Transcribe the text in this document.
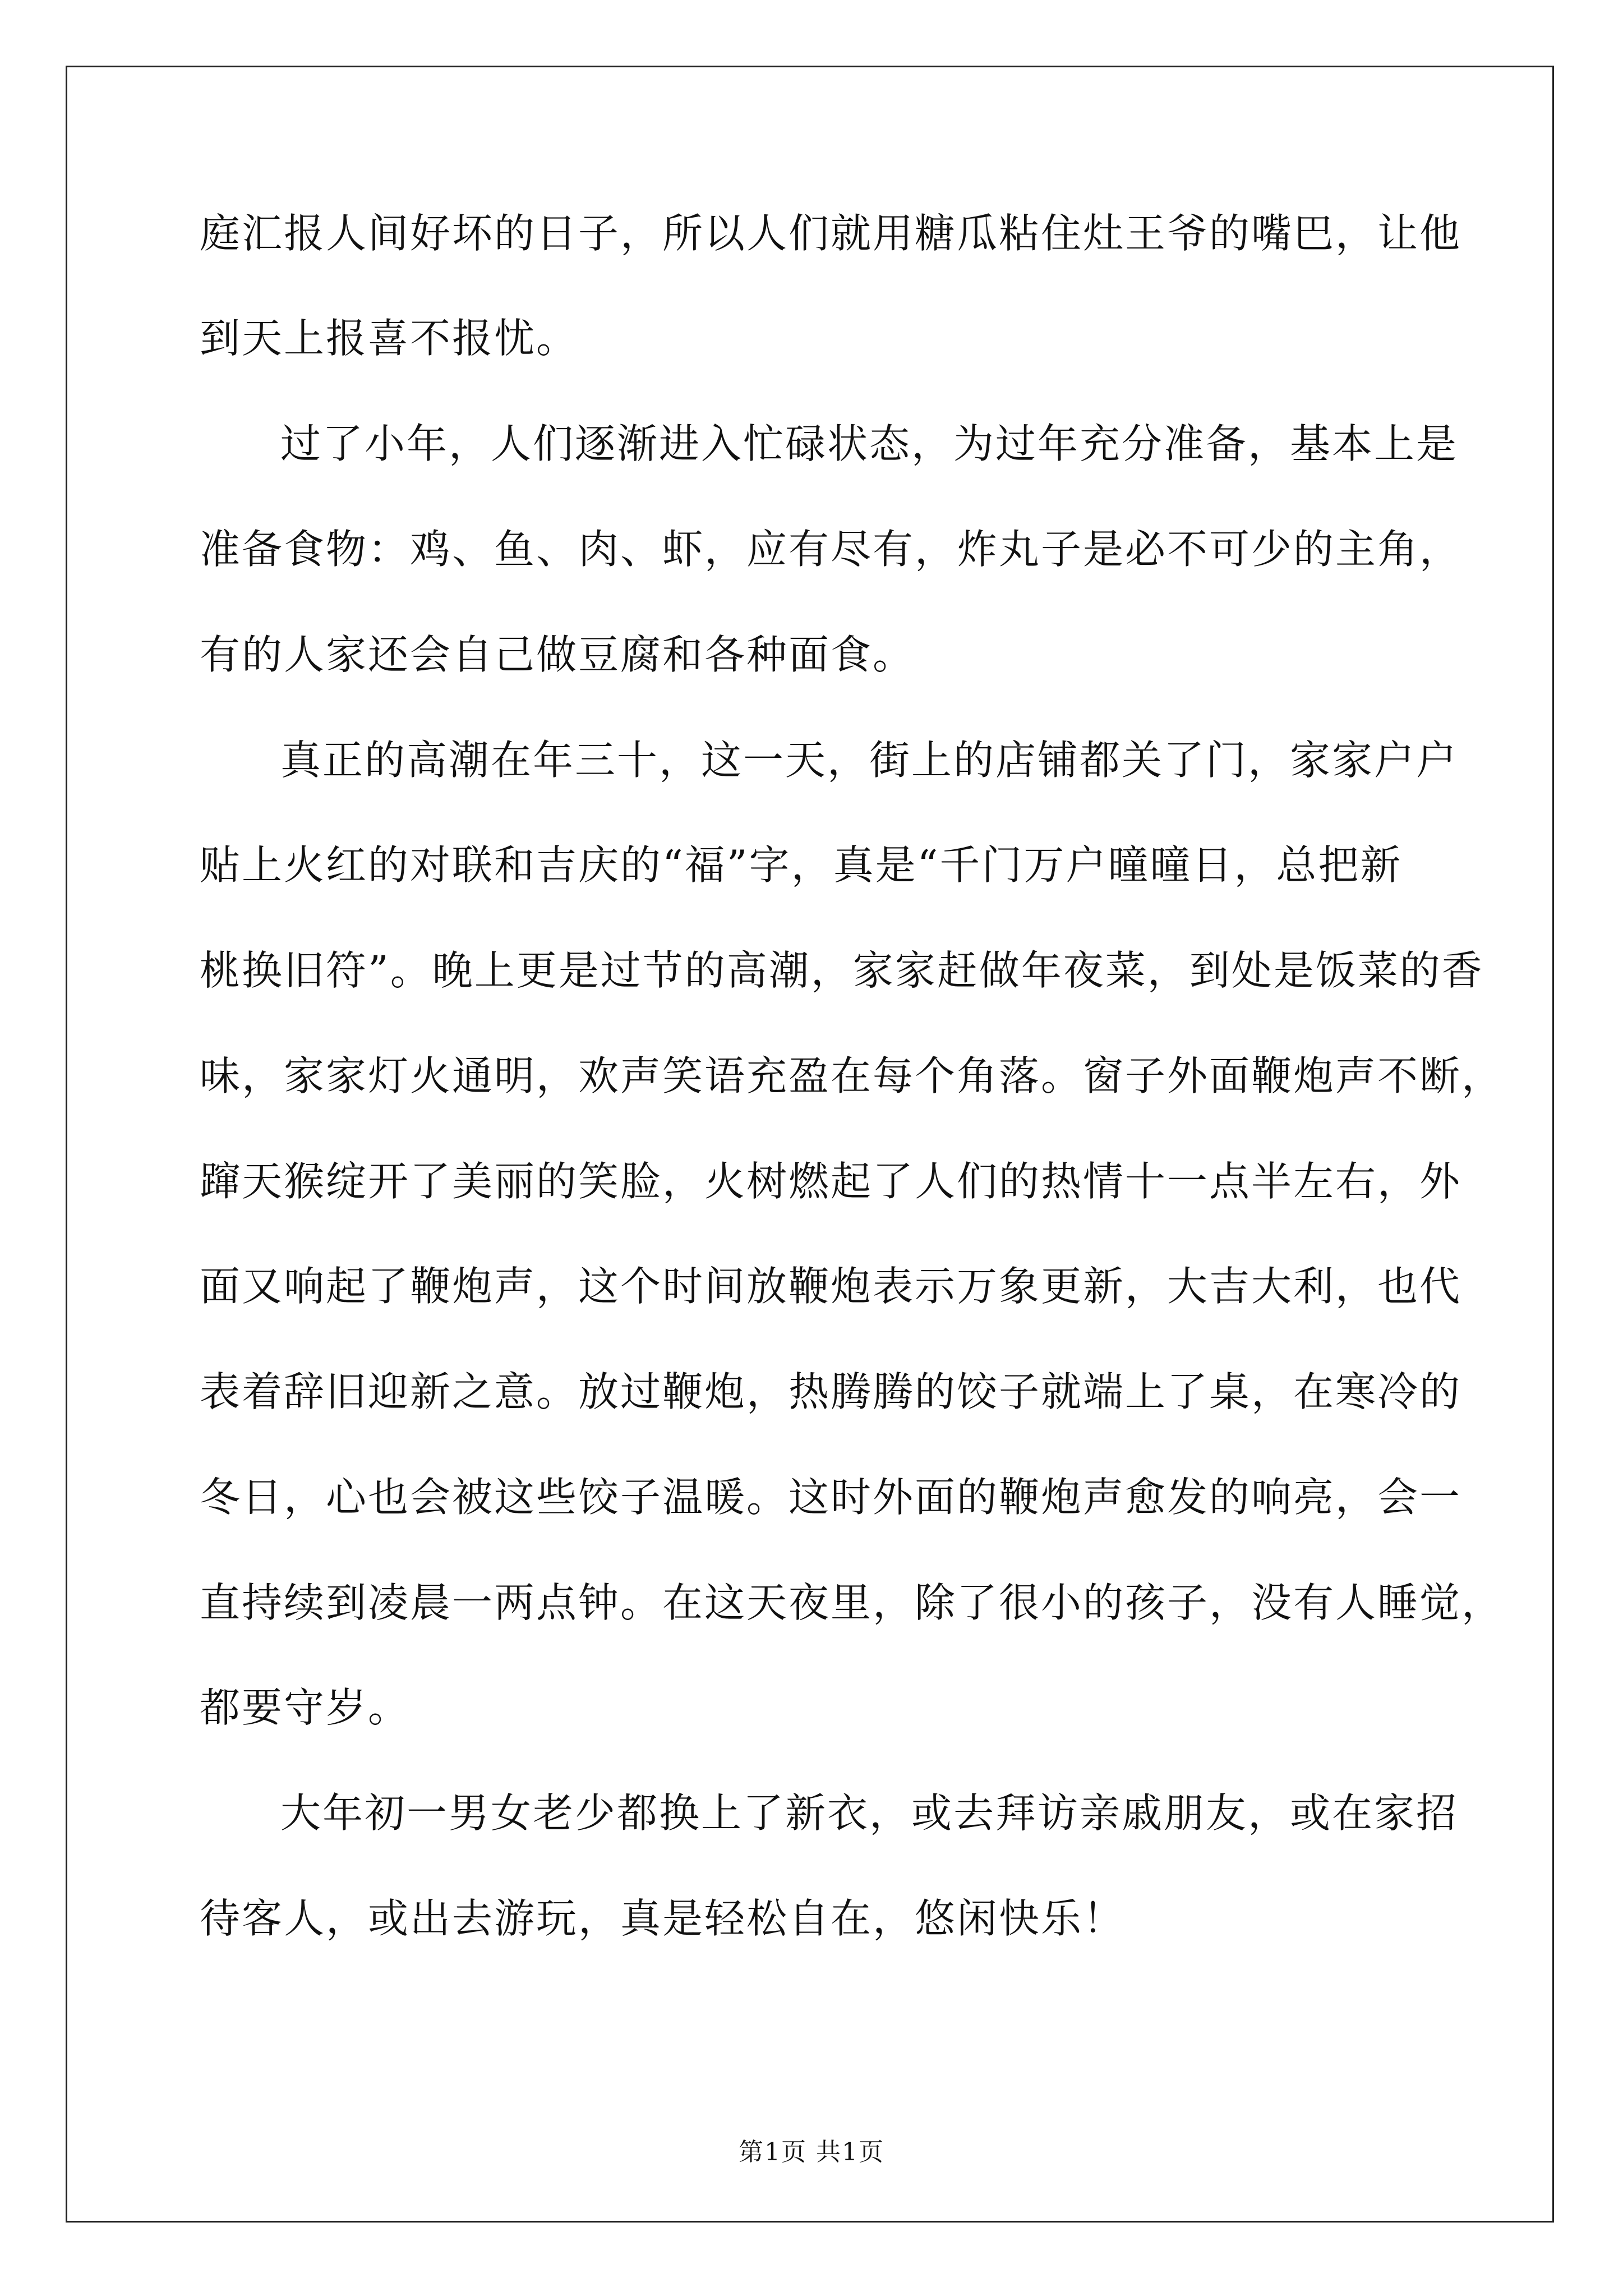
庭汇报人间好坏的日子，所以人们就用糖瓜粘住灶王爷的嘴巴，让他
到天上报喜不报忧。
过了小年，人们逐渐进入忙碌状态，为过年充分准备，基本上是
准备食物：鸡、鱼、肉、虾，应有尽有，炸丸子是必不可少的主角，
有的人家还会自己做豆腐和各种面食。
真正的高潮在年三十，这一天，街上的店铺都关了门，家家户户
贴上火红的对联和吉庆的“福”字，真是“千门万户曈曈日，总把新
桃换旧符”。晚上更是过节的高潮，家家赶做年夜菜，到处是饭菜的香
味，家家灯火通明，欢声笑语充盈在每个角落。窗子外面鞭炮声不断，
蹿天猴绽开了美丽的笑脸，火树燃起了人们的热情十一点半左右，外
面又响起了鞭炮声，这个时间放鞭炮表示万象更新，大吉大利，也代
表着辞旧迎新之意。放过鞭炮，热腾腾的饺子就端上了桌，在寒冷的
冬日，心也会被这些饺子温暖。这时外面的鞭炮声愈发的响亮，会一
直持续到凌晨一两点钟。在这天夜里，除了很小的孩子，没有人睡觉，
都要守岁。
大年初一男女老少都换上了新衣，或去拜访亲戚朋友，或在家招
待客人，或出去游玩，真是轻松自在，悠闲快乐！
第1页 共1页
